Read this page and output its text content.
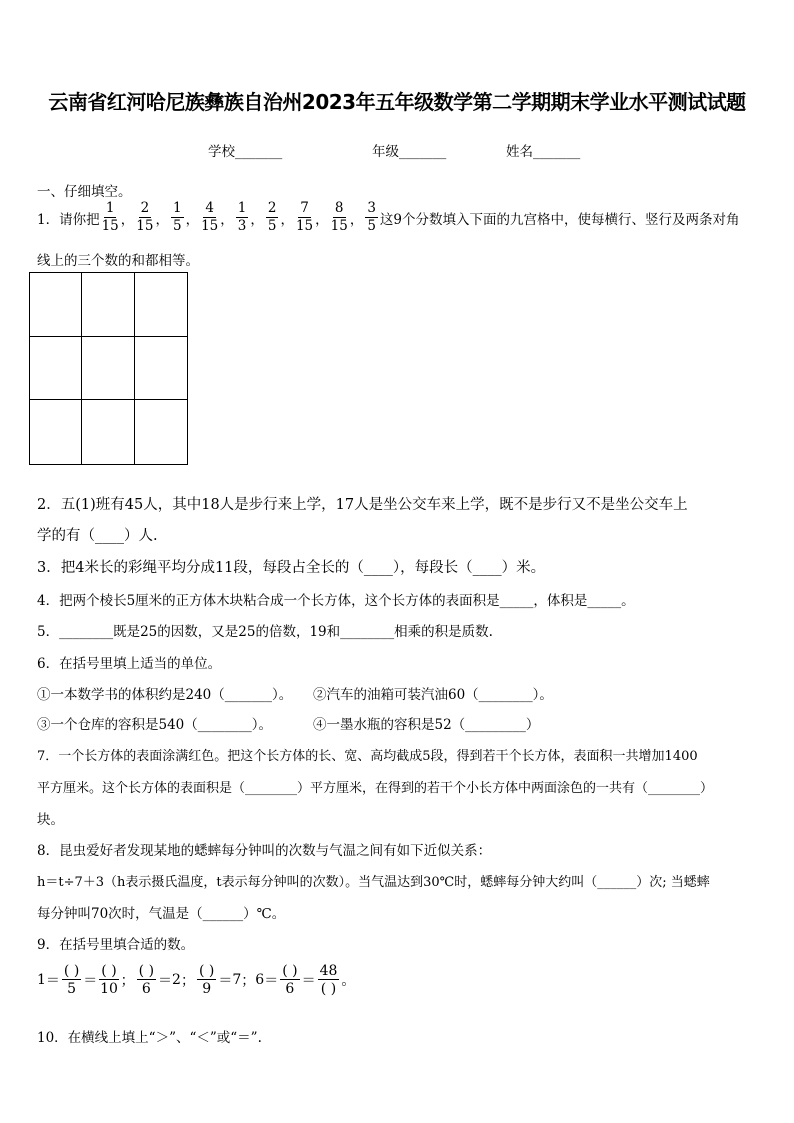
云南省红河哈尼族彝族自治州2023年五年级数学第二学期期末学业水平测试试题
学校_______	年级_______	姓名_______
一、仔细填空。
1．请你把 $\frac{1}{15}$ ， $\frac{2}{15}$ ， $\frac{1}{5}$ ， $\frac{4}{15}$ ， $\frac{1}{3}$ ， $\frac{2}{5}$ ， $\frac{7}{15}$ ， $\frac{8}{15}$ ， $\frac{3}{5}$ 这9个分数填入下面的九宫格中，使每横行、竖行及两条对角
线上的三个数的和都相等。
2．五(1)班有45人，其中18人是步行来上学，17人是坐公交车来上学，既不是步行又不是坐公交车上
学的有（____）人.
3．把4米长的彩绳平均分成11段，每段占全长的（____），每段长（____）米。
4．把两个棱长5厘米的正方体木块粘合成一个长方体，这个长方体的表面积是_____，体积是_____。
5．________既是25的因数，又是25的倍数，19和________相乘的积是质数.
6．在括号里填上适当的单位。
①一本数学书的体积约是240（_______）。 ②汽车的油箱可装汽油60（________）。
③一个仓库的容积是540（________）。	④一墨水瓶的容积是52（_________）
7．一个长方体的表面涂满红色。把这个长方体的长、宽、高均截成5段，得到若干个长方体，表面积一共增加1400
平方厘米。这个长方体的表面积是（________）平方厘米，在得到的若干个小长方体中两面涂色的一共有（________）
块。
8．昆虫爱好者发现某地的蟋蟀每分钟叫的次数与气温之间有如下近似关系：
h＝t÷7＋3（h表示摄氏温度，t表示每分钟叫的次数）。当气温达到30℃时，蟋蟀每分钟大约叫（______）次; 当蟋蟀
每分钟叫70次时，气温是（______）℃。
9．在括号里填合适的数。
$1 = \frac{( )}{5} = \frac{( )}{10}$ ； $\frac{( )}{6} = 2$ ； $\frac{( )}{9} = 7$ ； $6 = \frac{( )}{6} = \frac{48}{( )}$ 。
10．在横线上填上“＞”、“＜”或“＝”.
